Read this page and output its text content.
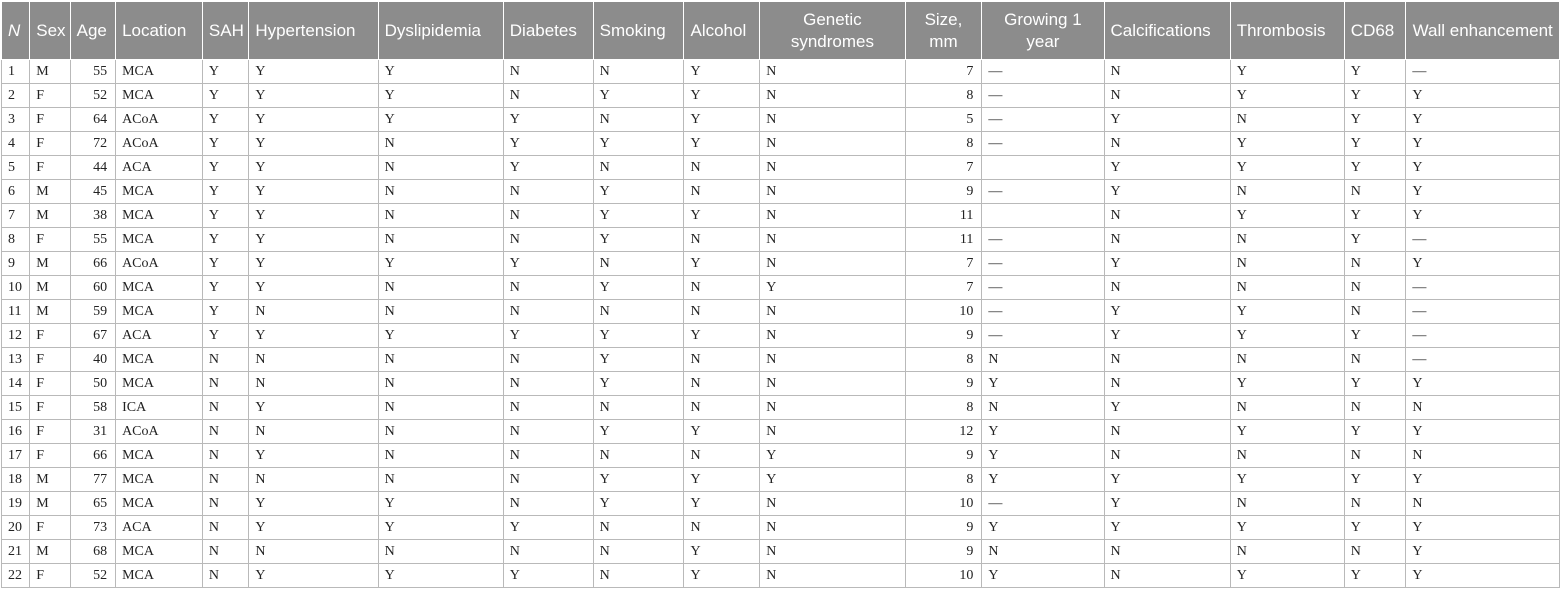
N	Sex	Age	Location	SAH	Hypertension	Dyslipidemia	Diabetes	Smoking	Alcohol	Genetic syndromes	Size, mm	Growing 1 year	Calcifications	Thrombosis	CD68	Wall enhancement
1	M	55	MCA	Y	Y	Y	N	N	Y	N	7	—	N	Y	Y	—
2	F	52	MCA	Y	Y	Y	N	Y	Y	N	8	—	N	Y	Y	Y
3	F	64	ACoA	Y	Y	Y	Y	N	Y	N	5	—	Y	N	Y	Y
4	F	72	ACoA	Y	Y	N	Y	Y	Y	N	8	—	N	Y	Y	Y
5	F	44	ACA	Y	Y	N	Y	N	N	N	7		Y	Y	Y	Y
6	M	45	MCA	Y	Y	N	N	Y	N	N	9	—	Y	N	N	Y
7	M	38	MCA	Y	Y	N	N	Y	Y	N	11		N	Y	Y	Y
8	F	55	MCA	Y	Y	N	N	Y	N	N	11	—	N	N	Y	—
9	M	66	ACoA	Y	Y	Y	Y	N	Y	N	7	—	Y	N	N	Y
10	M	60	MCA	Y	Y	N	N	Y	N	Y	7	—	N	N	N	—
11	M	59	MCA	Y	N	N	N	N	N	N	10	—	Y	Y	N	—
12	F	67	ACA	Y	Y	Y	Y	Y	Y	N	9	—	Y	Y	Y	—
13	F	40	MCA	N	N	N	N	Y	N	N	8	N	N	N	N	—
14	F	50	MCA	N	N	N	N	Y	N	N	9	Y	N	Y	Y	Y
15	F	58	ICA	N	Y	N	N	N	N	N	8	N	Y	N	N	N
16	F	31	ACoA	N	N	N	N	Y	Y	N	12	Y	N	Y	Y	Y
17	F	66	MCA	N	Y	N	N	N	N	Y	9	Y	N	N	N	N
18	M	77	MCA	N	N	N	N	Y	Y	Y	8	Y	Y	Y	Y	Y
19	M	65	MCA	N	Y	Y	N	Y	Y	N	10	—	Y	N	N	N
20	F	73	ACA	N	Y	Y	Y	N	N	N	9	Y	Y	Y	Y	Y
21	M	68	MCA	N	N	N	N	N	Y	N	9	N	N	N	N	Y
22	F	52	MCA	N	Y	Y	Y	N	Y	N	10	Y	N	Y	Y	Y
